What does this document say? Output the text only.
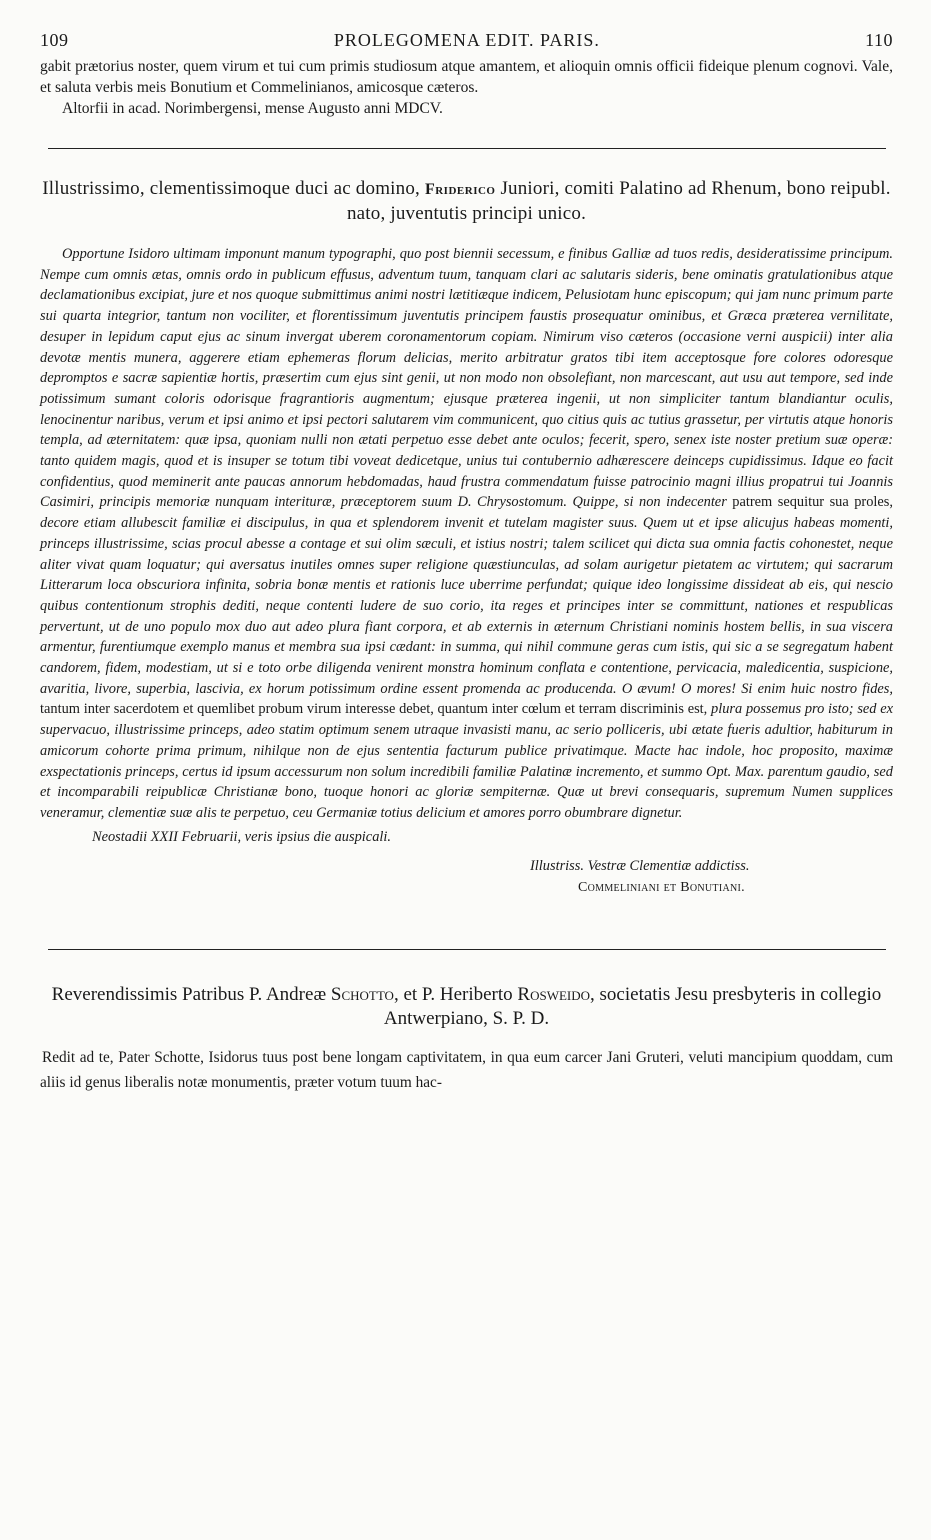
109	PROLEGOMENA EDIT. PARIS.	110

gabit prætorius noster, quem virum et tui cum primis studiosum atque amantem, et alioquin omnis officii fideique plenum cognovi. Vale, et saluta verbis meis Bonutium et Commelinianos, amicosque cæteros.

Altorfii in acad. Norimbergensi, mense Augusto anni MDCV.

Illustrissimo, clementissimoque duci ac domino, Friderico Juniori, comiti Palatino ad Rhenum, bono reipubl. nato, juventutis principi unico.

Opportune Isidoro ultimam imponunt manum typographi, quo post biennii secessum, e finibus Galliæ ad tuos redis, desideratissime principum. Nempe cum omnis ætas, omnis ordo in publicum effusus, adventum tuum, tanquam clari ac salutaris sideris, bene ominatis gratulationibus atque declamationibus excipiat, jure et nos quoque submittimus animi nostri lætitiæque indicem, Pelusiotam hunc episcopum; qui jam nunc primum parte sui quarta integrior, tantum non vociliter, et florentissimum juventutis principem faustis prosequatur ominibus, et Græca præterea vernilitate, desuper in lepidum caput ejus ac sinum invergat uberem coronamentorum copiam. Nimirum viso cæteros (occasione verni auspicii) inter alia devotæ mentis munera, aggerere etiam ephemeras florum delicias, merito arbitratur gratos tibi item acceptosque fore colores odoresque depromptos e sacræ sapientiæ hortis, præsertim cum ejus sint genii, ut non modo non obsolefiant, non marcescant, aut usu aut tempore, sed inde potissimum sumant coloris odorisque fragrantioris augmentum; ejusque præterea ingenii, ut non simpliciter tantum blandiantur oculis, lenocinentur naribus, verum et ipsi animo et ipsi pectori salutarem vim communicent, quo citius quis ac tutius grassetur, per virtutis atque honoris templa, ad æternitatem: quæ ipsa, quoniam nulli non ætati perpetuo esse debet ante oculos; fecerit, spero, senex iste noster pretium suæ operæ: tanto quidem magis, quod et is insuper se totum tibi voveat dedicetque, unius tui contubernio adhærescere deinceps cupidissimus. Idque eo facit confidentius, quod meminerit ante paucas annorum hebdomadas, haud frustra commendatum fuisse patrocinio magni illius propatrui tui Joannis Casimiri, principis memoriæ nunquam interituræ, præceptorem suum D. Chrysostomum. Quippe, si non indecenter patrem sequitur sua proles, decore etiam allubescit familiæ ei discipulus, in qua et splendorem invenit et tutelam magister suus. Quem ut et ipse alicujus habeas momenti, princeps illustrissime, scias procul abesse a contage et sui olim sæculi, et istius nostri; talem scilicet qui dicta sua omnia factis cohonestet, neque aliter vivat quam loquatur; qui aversatus inutiles omnes super religione quæstiunculas, ad solam aurigetur pietatem ac virtutem; qui sacrarum Litterarum loca obscuriora infinita, sobria bonæ mentis et rationis luce uberrime perfundat; quique ideo longissime dissideat ab eis, qui nescio quibus contentionum strophis dediti, neque contenti ludere de suo corio, ita reges et principes inter se committunt, nationes et respublicas pervertunt, ut de uno populo mox duo aut adeo plura fiant corpora, et ab externis in æternum Christiani nominis hostem bellis, in sua viscera armentur, furentiumque exemplo manus et membra sua ipsi cædant: in summa, qui nihil commune geras cum istis, qui sic a se segregatum habent candorem, fidem, modestiam, ut si e toto orbe diligenda venirent monstra hominum conflata e contentione, pervicacia, maledicentia, suspicione, avaritia, livore, superbia, lascivia, ex horum potissimum ordine essent promenda ac producenda. O ævum! O mores! Si enim huic nostro fides, tantum inter sacerdotem et quemlibet probum virum interesse debet, quantum inter cœlum et terram discriminis est, plura possemus pro isto; sed ex supervacuo, illustrissime princeps, adeo statim optimum senem utraque invasisti manu, ac serio polliceris, ubi ætate fueris adultior, habiturum in amicorum cohorte prima primum, nihilque non de ejus sententia facturum publice privatimque. Macte hac indole, hoc proposito, maximæ exspectationis princeps, certus id ipsum accessurum non solum incredibili familiæ Palatinæ incremento, et summo Opt. Max. parentum gaudio, sed et incomparabili reipublicæ Christianæ bono, tuoque honori ac gloriæ sempiternæ. Quæ ut brevi consequaris, supremum Numen supplices veneramur, clementiæ suæ alis te perpetuo, ceu Germaniæ totius delicium et amores porro obumbrare dignetur.

Neostadii XXII Februarii, veris ipsius die auspicali.
Illustriss. Vestræ Clementiæ addictiss.
Commeliniani et Bonutiani.
Reverendissimis Patribus P. Andreæ Schotto, et P. Heriberto Rosweido, societatis Jesu presbyteris in collegio Antwerpiano, S. P. D.

Redit ad te, Pater Schotte, Isidorus tuus post bene longam captivitatem, in qua eum carcer Jani Gruteri, veluti mancipium quoddam, cum aliis id genus liberalis notæ monumentis, præter votum tuum hac-
